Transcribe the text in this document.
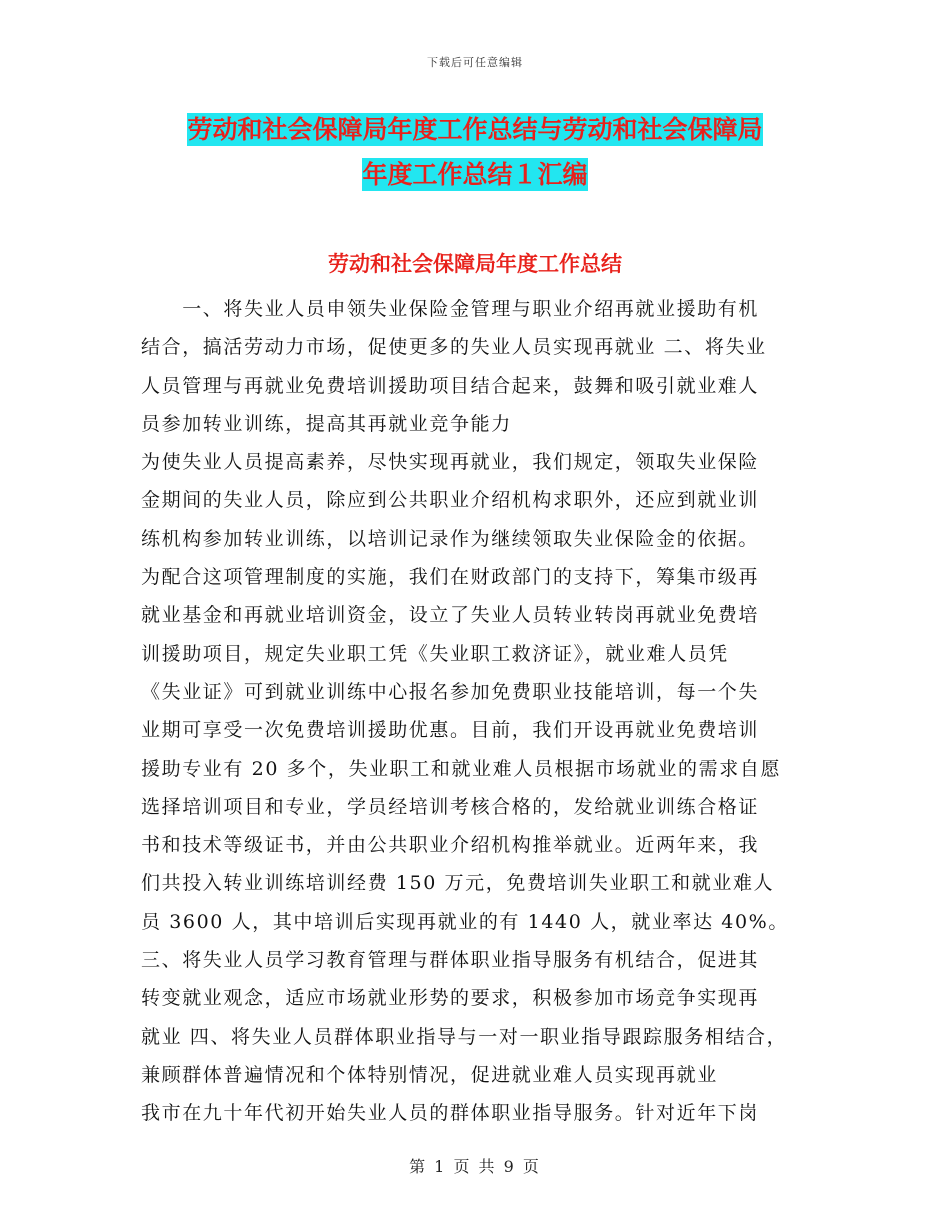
下载后可任意编辑
劳动和社会保障局年度工作总结与劳动和社会保障局
年度工作总结１汇编
劳动和社会保障局年度工作总结
　　一、将失业人员申领失业保险金管理与职业介绍再就业援助有机
结合，搞活劳动力市场，促使更多的失业人员实现再就业 二、将失业
人员管理与再就业免费培训援助项目结合起来，鼓舞和吸引就业难人
员参加转业训练，提高其再就业竞争能力
为使失业人员提高素养，尽快实现再就业，我们规定，领取失业保险
金期间的失业人员，除应到公共职业介绍机构求职外，还应到就业训
练机构参加转业训练，以培训记录作为继续领取失业保险金的依据。
为配合这项管理制度的实施，我们在财政部门的支持下，筹集市级再
就业基金和再就业培训资金，设立了失业人员转业转岗再就业免费培
训援助项目，规定失业职工凭《失业职工救济证》，就业难人员凭
《失业证》可到就业训练中心报名参加免费职业技能培训，每一个失
业期可享受一次免费培训援助优惠。目前，我们开设再就业免费培训
援助专业有 20 多个，失业职工和就业难人员根据市场就业的需求自愿
选择培训项目和专业，学员经培训考核合格的，发给就业训练合格证
书和技术等级证书，并由公共职业介绍机构推举就业。近两年来，我
们共投入转业训练培训经费 150 万元，免费培训失业职工和就业难人
员 3600 人，其中培训后实现再就业的有 1440 人，就业率达 40%。
三、将失业人员学习教育管理与群体职业指导服务有机结合，促进其
转变就业观念，适应市场就业形势的要求，积极参加市场竞争实现再
就业 四、将失业人员群体职业指导与一对一职业指导跟踪服务相结合，
兼顾群体普遍情况和个体特别情况，促进就业难人员实现再就业
我市在九十年代初开始失业人员的群体职业指导服务。针对近年下岗
第 1 页 共 9 页
